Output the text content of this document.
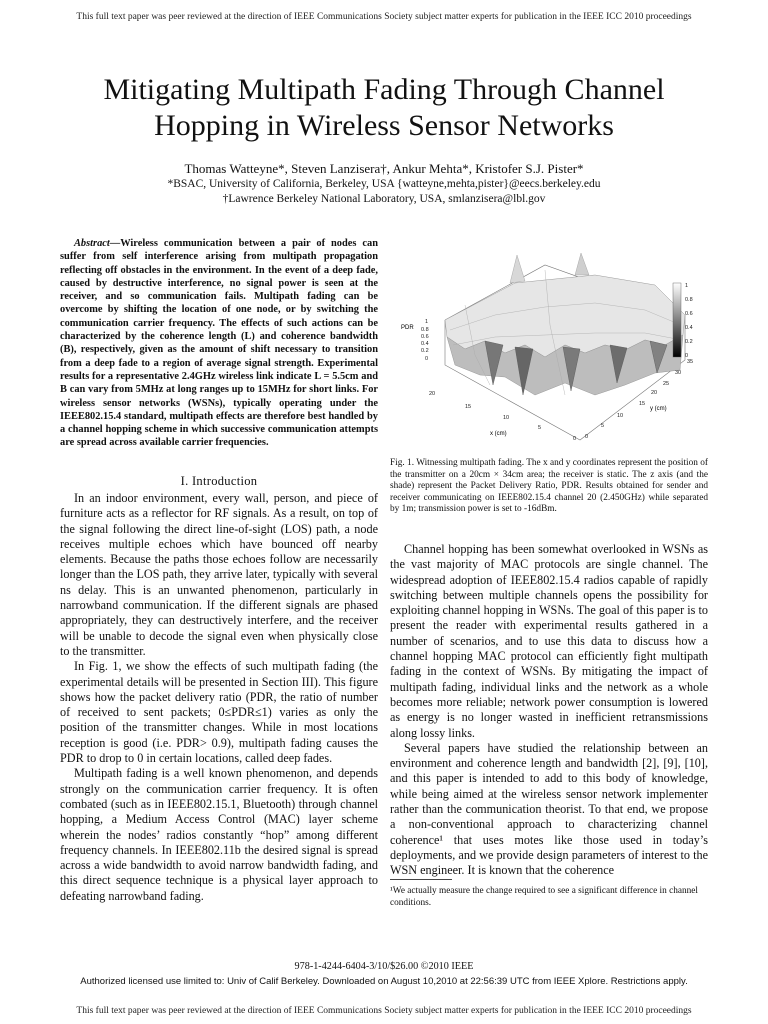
This full text paper was peer reviewed at the direction of IEEE Communications Society subject matter experts for publication in the IEEE ICC 2010 proceedings
Mitigating Multipath Fading Through Channel
Hopping in Wireless Sensor Networks
Thomas Watteyne*, Steven Lanzisera†, Ankur Mehta*, Kristofer S.J. Pister*
*BSAC, University of California, Berkeley, USA {watteyne,mehta,pister}@eecs.berkeley.edu
†Lawrence Berkeley National Laboratory, USA, smlanzisera@lbl.gov

Abstract—Wireless communication between a pair of nodes can suffer from self interference arising from multipath propagation reflecting off obstacles in the environment. In the event of a deep fade, caused by destructive interference, no signal power is seen at the receiver, and so communication fails. Multipath fading can be overcome by shifting the location of one node, or by switching the communication carrier frequency. The effects of such actions can be characterized by the coherence length (L) and coherence bandwidth (B), respectively, given as the amount of shift necessary to transition from a deep fade to a region of average signal strength. Experimental results for a representative 2.4GHz wireless link indicate L = 5.5cm and B can vary from 5MHz at long ranges up to 15MHz for short links. For wireless sensor networks (WSNs), typically operating under the IEEE802.15.4 standard, multipath effects are therefore best handled by a channel hopping scheme in which successive communication attempts are spread across available carrier frequencies.

I. Introduction

In an indoor environment, every wall, person, and piece of furniture acts as a reflector for RF signals. As a result, on top of the signal following the direct line-of-sight (LOS) path, a node receives multiple echoes which have bounced off nearby elements. Because the paths those echoes follow are necessarily longer than the LOS path, they arrive later, typically with several ns delay. This is an unwanted phenomenon, particularly in narrowband communication. If the different signals are phased appropriately, they can destructively interfere, and the receiver will be unable to decode the signal even when physically close to the transmitter.

In Fig. 1, we show the effects of such multipath fading (the experimental details will be presented in Section III). This figure shows how the packet delivery ratio (PDR, the ratio of number of received to sent packets; 0≤PDR≤1) varies as only the position of the transmitter changes. While in most locations reception is good (i.e. PDR> 0.9), multipath fading causes the PDR to drop to 0 in certain locations, called deep fades.

Multipath fading is a well known phenomenon, and depends strongly on the communication carrier frequency. It is often combated (such as in IEEE802.15.1, Bluetooth) through channel hopping, a Medium Access Control (MAC) layer scheme wherein the nodes’ radios constantly “hop” among different frequency channels. In IEEE802.11b the desired signal is spread across a wide bandwidth to avoid narrow bandwidth fading, and this direct sequence technique is a physical layer approach to defeating narrowband fading.

PDR
x (cm)
y (cm)
1
0.8
0.6
0.4
0.2
0
20
15
10
5
0
35
30
25
20
15
10
5
0
1
0.8
0.6
0.4
0.2
0
Fig. 1. Witnessing multipath fading. The x and y coordinates represent the position of the transmitter on a 20cm × 34cm area; the receiver is static. The z axis (and the shade) represent the Packet Delivery Ratio, PDR. Results obtained for sender and receiver communicating on IEEE802.15.4 channel 20 (2.450GHz) while separated by 1m; transmission power is set to -16dBm.

Channel hopping has been somewhat overlooked in WSNs as the vast majority of MAC protocols are single channel. The widespread adoption of IEEE802.15.4 radios capable of rapidly switching between multiple channels opens the possibility for exploiting channel hopping in WSNs. The goal of this paper is to present the reader with experimental results gathered in a number of scenarios, and to use this data to discuss how a channel hopping MAC protocol can efficiently fight multipath fading in the context of WSNs. By mitigating the impact of multipath fading, individual links and the network as a whole becomes more reliable; network power consumption is lowered as energy is no longer wasted in inefficient retransmissions along lossy links.

Several papers have studied the relationship between an environment and coherence length and bandwidth [2], [9], [10], and this paper is intended to add to this body of knowledge, while being aimed at the wireless sensor network implementer rather than the communication theorist. To that end, we propose a non-conventional approach to characterizing channel coherence¹ that uses motes like those used in today’s deployments, and we provide design parameters of interest to the WSN engineer. It is known that the coherence

¹We actually measure the change required to see a significant difference in channel conditions.
978-1-4244-6404-3/10/$26.00 ©2010 IEEE
Authorized licensed use limited to: Univ of Calif Berkeley. Downloaded on August 10,2010 at 22:56:39 UTC from IEEE Xplore. Restrictions apply.
This full text paper was peer reviewed at the direction of IEEE Communications Society subject matter experts for publication in the IEEE ICC 2010 proceedings
